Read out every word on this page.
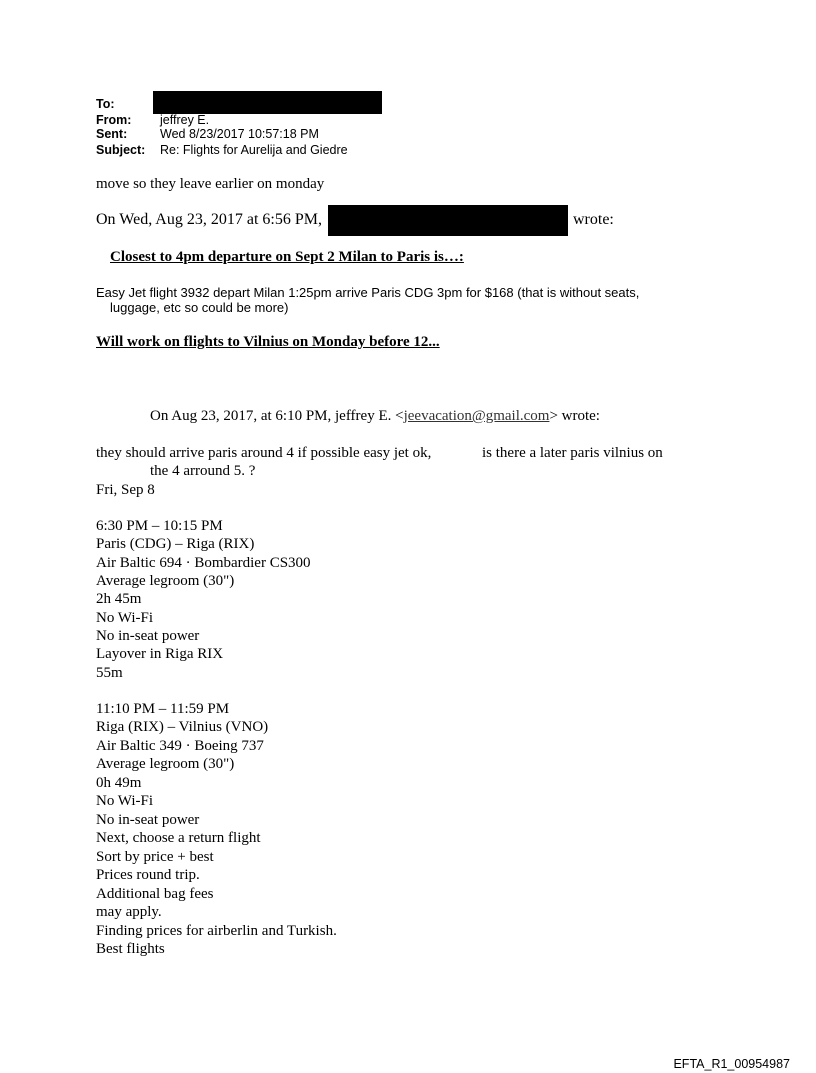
To:
From: jeffrey E.
Sent:	Wed 8/23/2017 10:57:18 PM
Subject: Re: Flights for Aurelija and Giedre
move so they leave earlier on monday
On Wed, Aug 23, 2017 at 6:56 PM,	wrote:
Closest to 4pm departure on Sept 2 Milan to Paris is…:
Easy Jet flight 3932 depart Milan 1:25pm arrive Paris CDG 3pm for $168 (that is without seats,
luggage, etc so could be more)
Will work on flights to Vilnius on Monday before 12...
On Aug 23, 2017, at 6:10 PM, jeffrey E. <jeevacation@gmail.com> wrote:
they should arrive paris around 4 if possible easy jet ok,	is there a later paris vilnius on
the 4 arround 5. ?
Fri, Sep 8
6:30 PM – 10:15 PM
Paris (CDG) – Riga (RIX)
Air Baltic 694 · Bombardier CS300
Average legroom (30")
2h 45m
No Wi-Fi
No in-seat power
Layover in Riga RIX
55m
11:10 PM – 11:59 PM
Riga (RIX) – Vilnius (VNO)
Air Baltic 349 · Boeing 737
Average legroom (30")
0h 49m
No Wi-Fi
No in-seat power
Next, choose a return flight
Sort by price + best
Prices round trip.
Additional bag fees
may apply.
Finding prices for airberlin and Turkish.
Best flights
EFTA_R1_00954987
